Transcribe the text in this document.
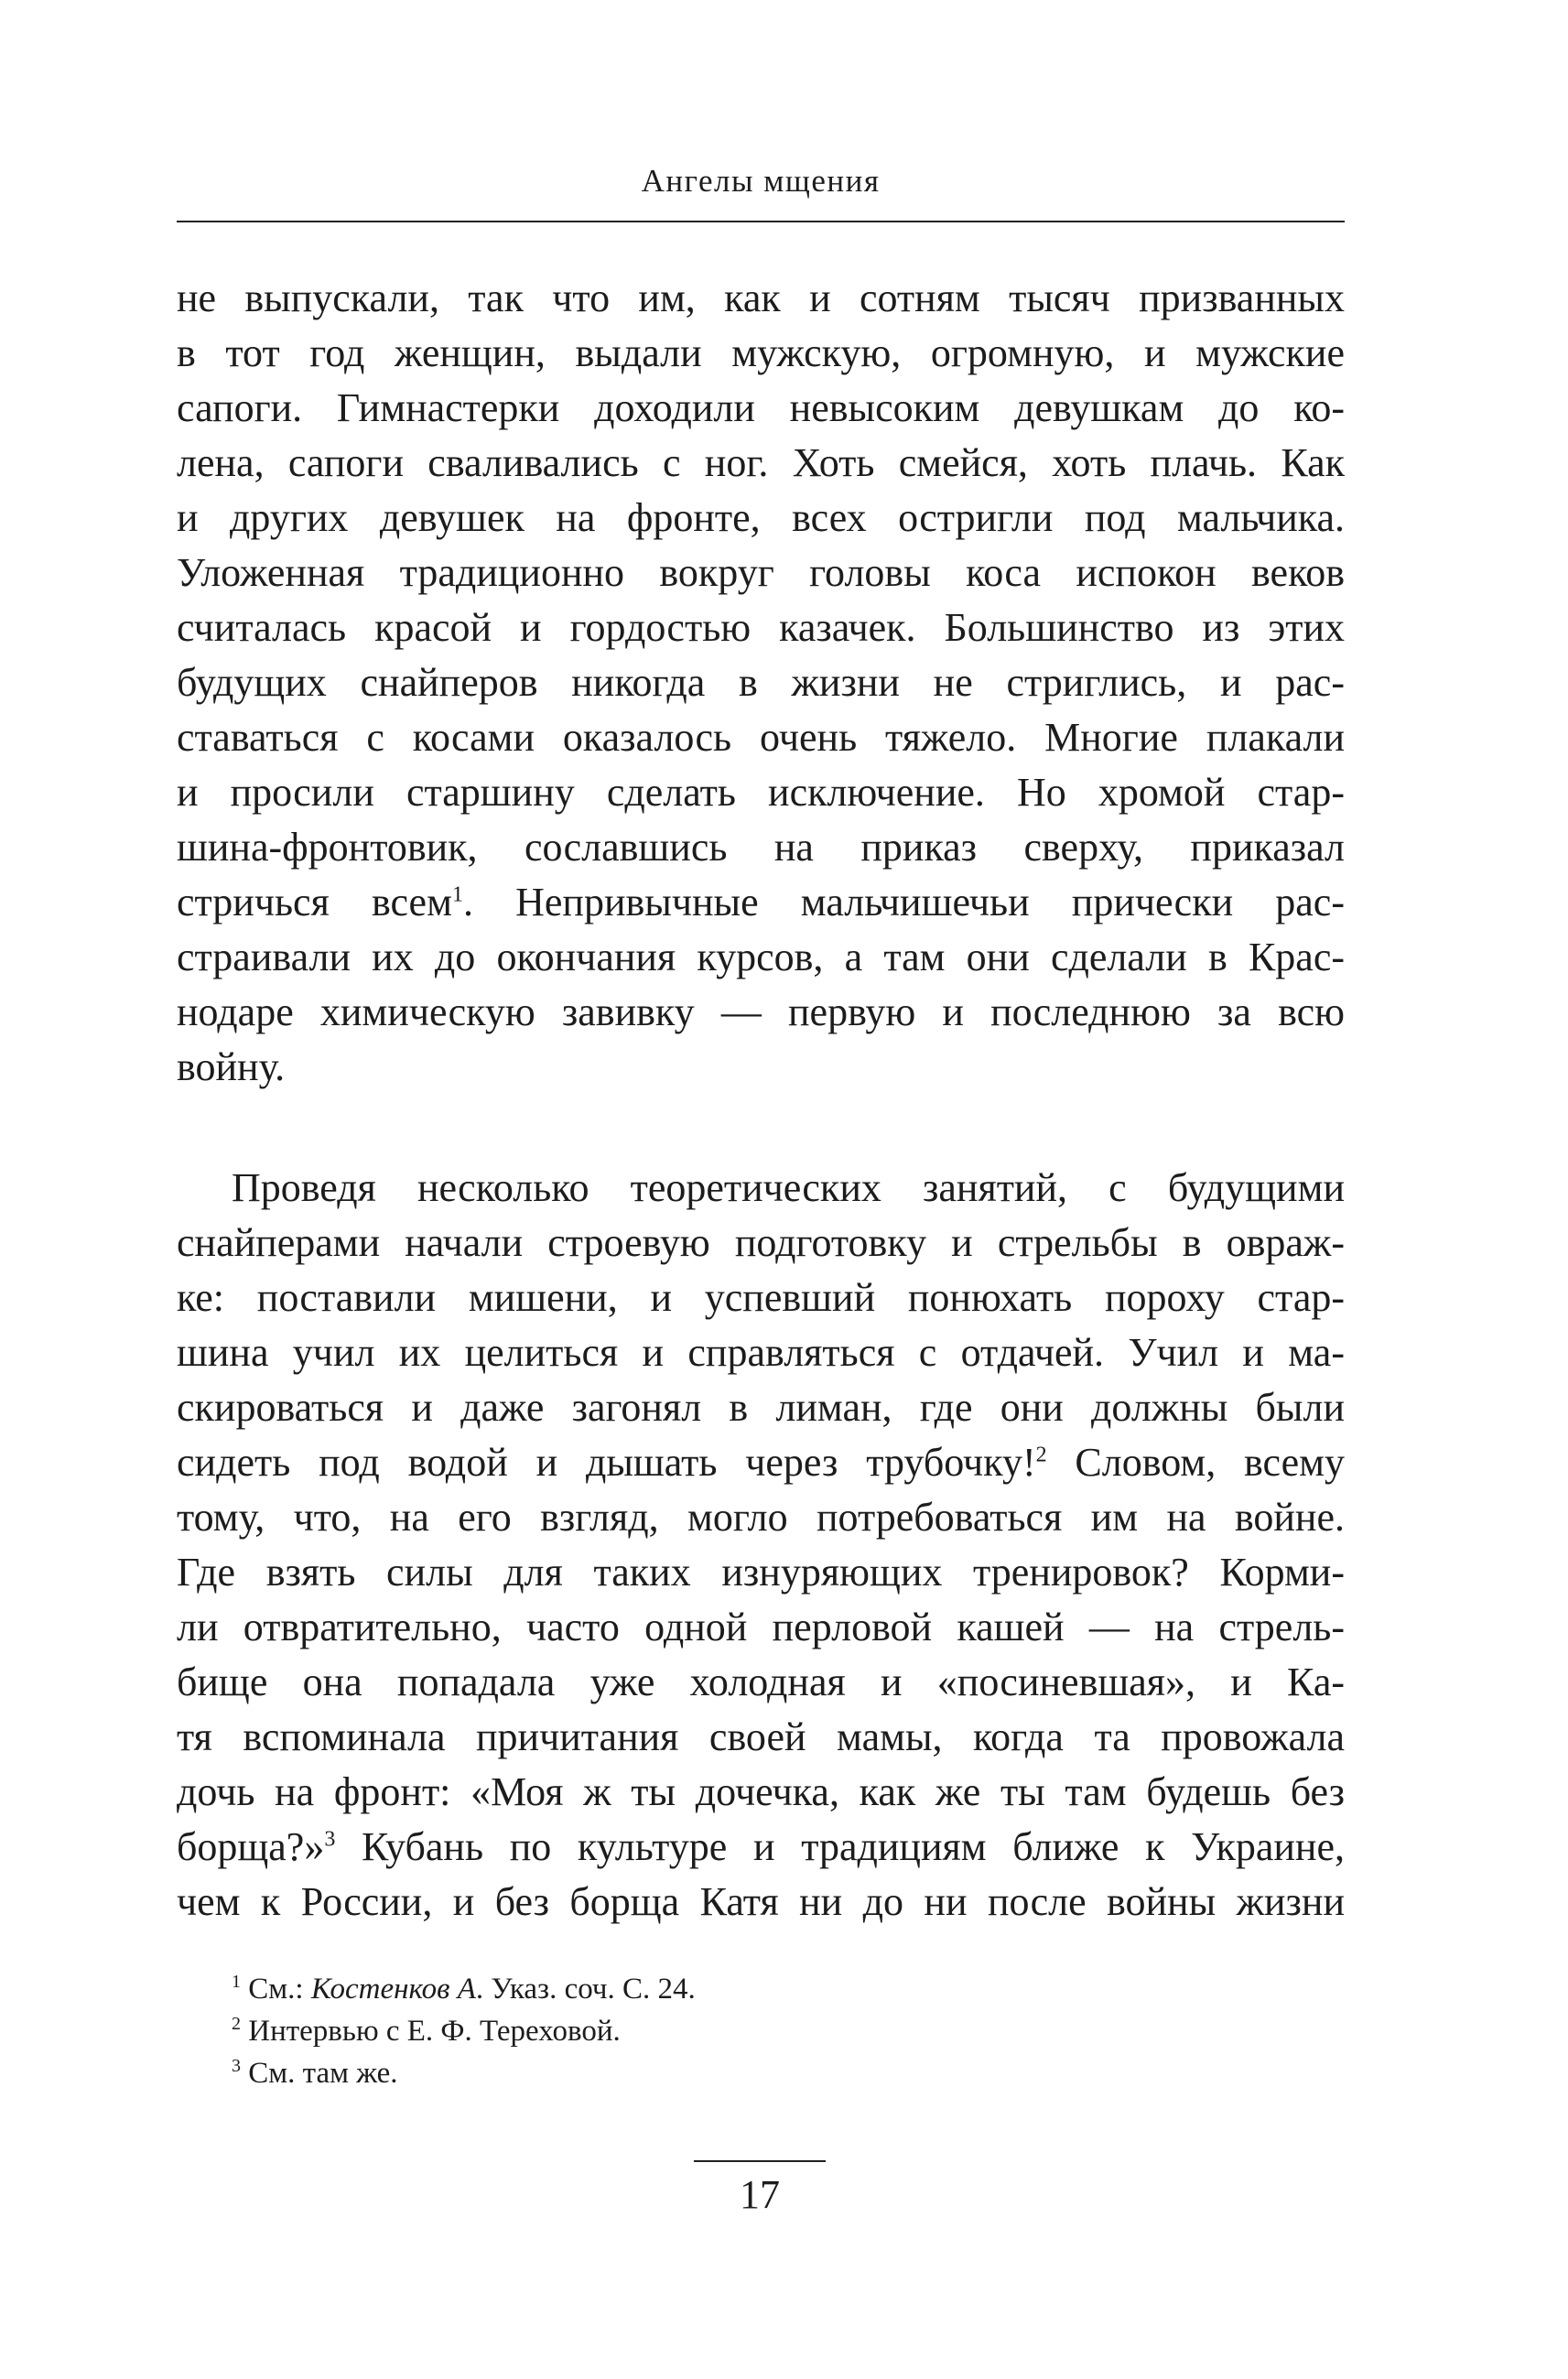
Ангелы мщения
не выпускали, так что им, как и сотням тысяч призванных
в тот год женщин, выдали мужскую, огромную, и мужские
сапоги. Гимнастерки доходили невысоким девушкам до ко-
лена, сапоги сваливались с ног. Хоть смейся, хоть плачь. Как
и других девушек на фронте, всех остригли под мальчика.
Уложенная традиционно вокруг головы коса испокон веков
считалась красой и гордостью казачек. Большинство из этих
будущих снайперов никогда в жизни не стриглись, и рас-
ставаться с косами оказалось очень тяжело. Многие плакали
и просили старшину сделать исключение. Но хромой стар-
шина-фронтовик, сославшись на приказ сверху, приказал
стричься всем$^1$. Непривычные мальчишечьи прически рас-
страивали их до окончания курсов, а там они сделали в Крас-
нодаре химическую завивку — первую и последнюю за всю
войну.
Проведя несколько теоретических занятий, с будущими
снайперами начали строевую подготовку и стрельбы в овраж-
ке: поставили мишени, и успевший понюхать пороху стар-
шина учил их целиться и справляться с отдачей. Учил и ма-
скироваться и даже загонял в лиман, где они должны были
сидеть под водой и дышать через трубочку!$^2$ Словом, всему
тому, что, на его взгляд, могло потребоваться им на войне.
Где взять силы для таких изнуряющих тренировок? Корми-
ли отвратительно, часто одной перловой кашей — на стрель-
бище она попадала уже холодная и «посиневшая», и Ка-
тя вспоминала причитания своей мамы, когда та провожала
дочь на фронт: «Моя ж ты дочечка, как же ты там будешь без
борща?»$^3$ Кубань по культуре и традициям ближе к Украине,
чем к России, и без борща Катя ни до ни после войны жизни
$^1$ См.: Костенков А. Указ. соч. С. 24.
$^2$ Интервью с Е. Ф. Тереховой.
$^3$ См. там же.
17
